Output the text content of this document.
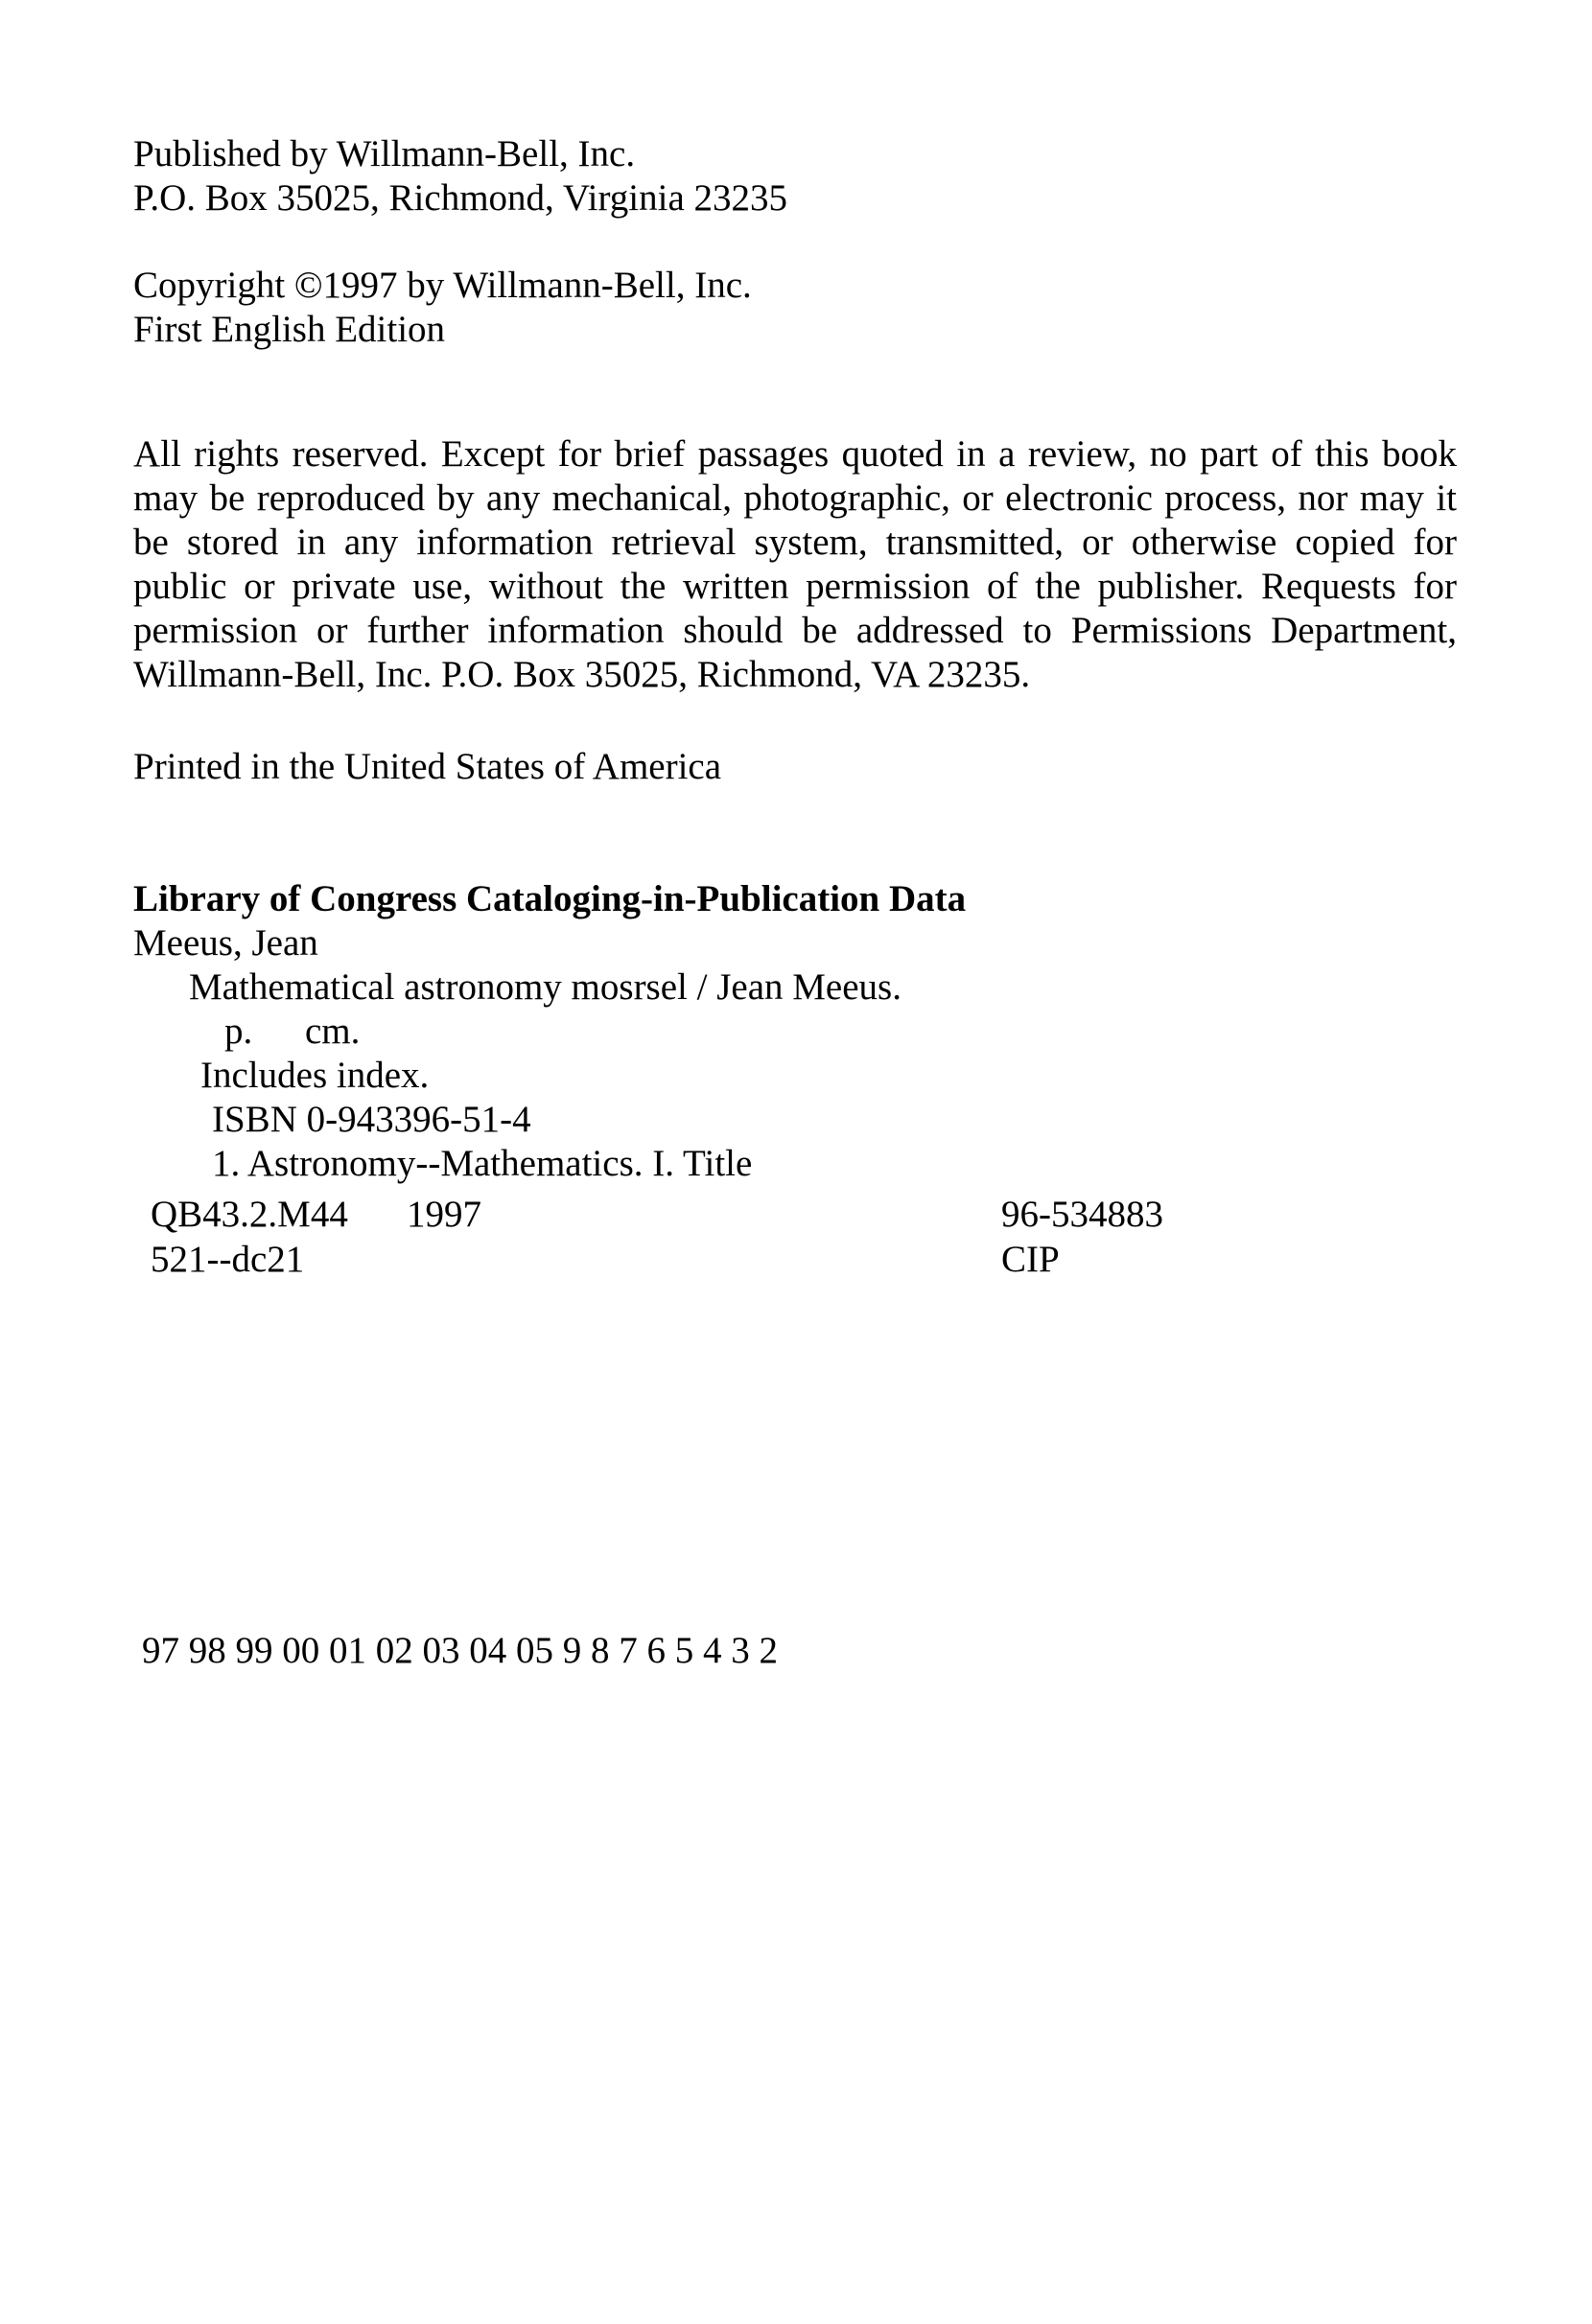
Published by Willmann-Bell, Inc.
P.O. Box 35025, Richmond, Virginia 23235
Copyright ©1997 by Willmann-Bell, Inc.
First English Edition
All rights reserved. Except for brief passages quoted in a review, no part of this book may be reproduced by any mechanical, photographic, or electronic process, nor may it be stored in any information retrieval system, transmitted, or otherwise copied for public or private use, without the written permission of the publisher. Requests for permission or further information should be addressed to Permissions Department, Willmann-Bell, Inc. P.O. Box 35025, Richmond, VA 23235.
Printed in the United States of America
Library of Congress Cataloging-in-Publication Data
Meeus, Jean
Mathematical astronomy mosrsel / Jean Meeus.
p. cm.
Includes index.
ISBN 0-943396-51-4
1. Astronomy--Mathematics. I. Title
QB43.2.M44 1997	96-534883
521--dc21	CIP
97 98 99 00 01 02 03 04 05 9 8 7 6 5 4 3 2
